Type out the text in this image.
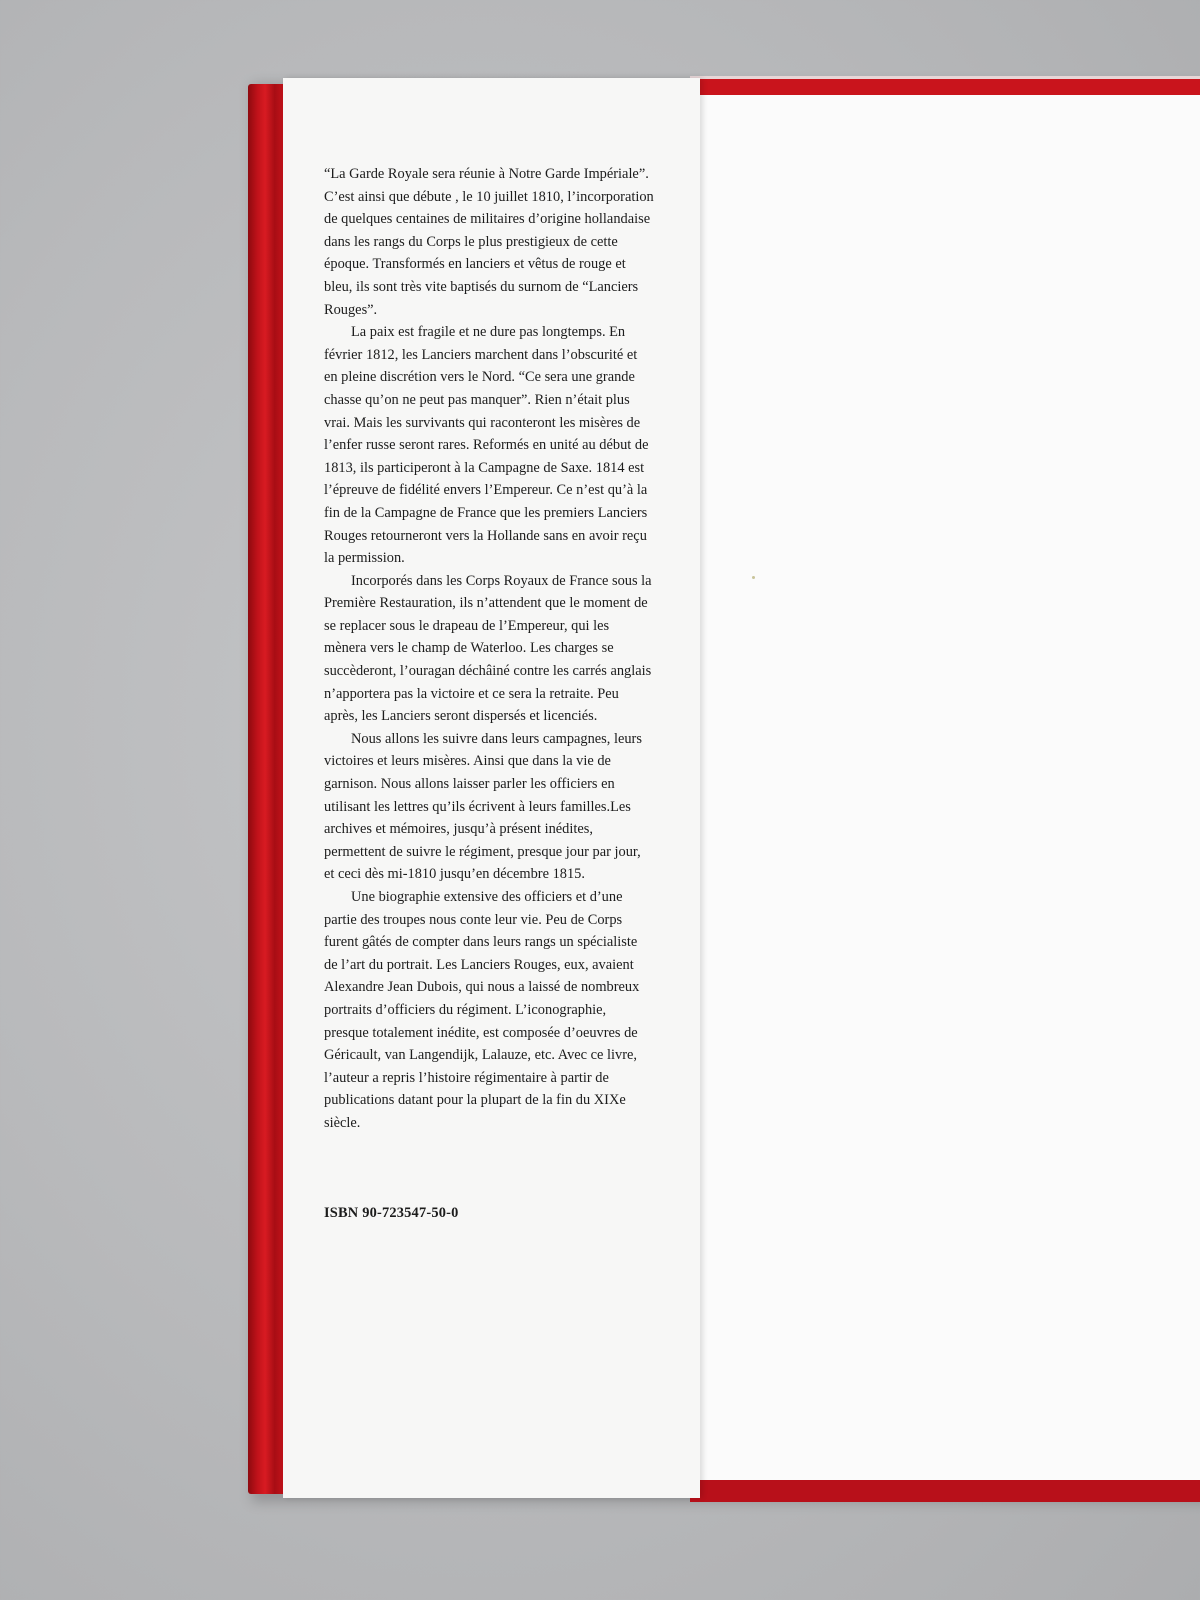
“La Garde Royale sera réunie à Notre Garde Impériale”. C’est ainsi que débute , le 10 juillet 1810, l’incorporation de quelques centaines de militaires d’origine hollandaise dans les rangs du Corps le plus prestigieux de cette époque. Transformés en lanciers et vêtus de rouge et bleu, ils sont très vite baptisés du surnom de “Lanciers Rouges”.

La paix est fragile et ne dure pas longtemps. En février 1812, les Lanciers marchent dans l’obscurité et en pleine discrétion vers le Nord. “Ce sera une grande chasse qu’on ne peut pas manquer”. Rien n’était plus vrai. Mais les survivants qui raconteront les misères de l’enfer russe seront rares. Reformés en unité au début de 1813, ils participeront à la Campagne de Saxe. 1814 est l’épreuve de fidélité envers l’Empereur. Ce n’est qu’à la fin de la Campagne de France que les premiers Lanciers Rouges retourneront vers la Hollande sans en avoir reçu la permission.

Incorporés dans les Corps Royaux de France sous la Première Restauration, ils n’attendent que le moment de se replacer sous le drapeau de l’Empereur, qui les mènera vers le champ de Waterloo. Les charges se succèderont, l’ouragan déchâiné contre les carrés anglais n’apportera pas la victoire et ce sera la retraite. Peu après, les Lanciers seront dispersés et licenciés.

Nous allons les suivre dans leurs campagnes, leurs victoires et leurs misères. Ainsi que dans la vie de garnison. Nous allons laisser parler les officiers en utilisant les lettres qu’ils écrivent à leurs familles.Les archives et mémoires, jusqu’à présent inédites, permettent de suivre le régiment, presque jour par jour, et ceci dès mi-1810 jusqu’en décembre 1815.

Une biographie extensive des officiers et d’une partie des troupes nous conte leur vie. Peu de Corps furent gâtés de compter dans leurs rangs un spécialiste de l’art du portrait. Les Lanciers Rouges, eux, avaient Alexandre Jean Dubois, qui nous a laissé de nombreux portraits d’officiers du régiment. L’iconographie, presque totalement inédite, est composée d’oeuvres de Géricault, van Langendijk, Lalauze, etc. Avec ce livre, l’auteur a repris l’histoire régimentaire à partir de publications datant pour la plupart de la fin du XIXe siècle.

ISBN 90-723547-50-0
